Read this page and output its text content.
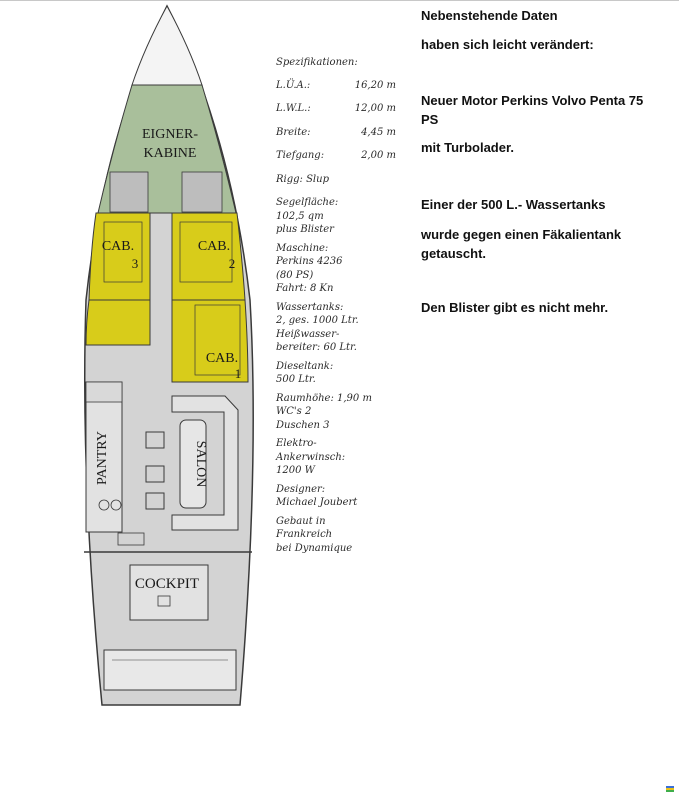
EIGNER-
KABINE
CAB.
3
CAB.
2
CAB.
1
PANTRY	SALON
COCKPIT
Spezifikationen:
L.Ü.A.:	16,20 m
L.W.L.:	12,00 m
Breite:	4,45 m
Tiefgang:	2,00 m
Rigg: Slup
Segelfläche:
102,5 qm
plus Blister
Maschine:
Perkins 4236
(80 PS)
Fahrt: 8 Kn
Wassertanks:
2, ges. 1000 Ltr.
Heißwasser-
bereiter: 60 Ltr.
Dieseltank:
500 Ltr.
Raumhöhe: 1,90 m
WC's 2
Duschen 3
Elektro-
Ankerwinsch:
1200 W
Designer:
Michael Joubert
Gebaut in
Frankreich
bei Dynamique

Nebenstehende Daten

haben sich leicht verändert:

Neuer Motor Perkins Volvo Penta 75 PS

mit Turbolader.

Einer der 500 L.- Wassertanks

wurde gegen einen Fäkalientank getauscht.

Den Blister gibt es nicht mehr.
